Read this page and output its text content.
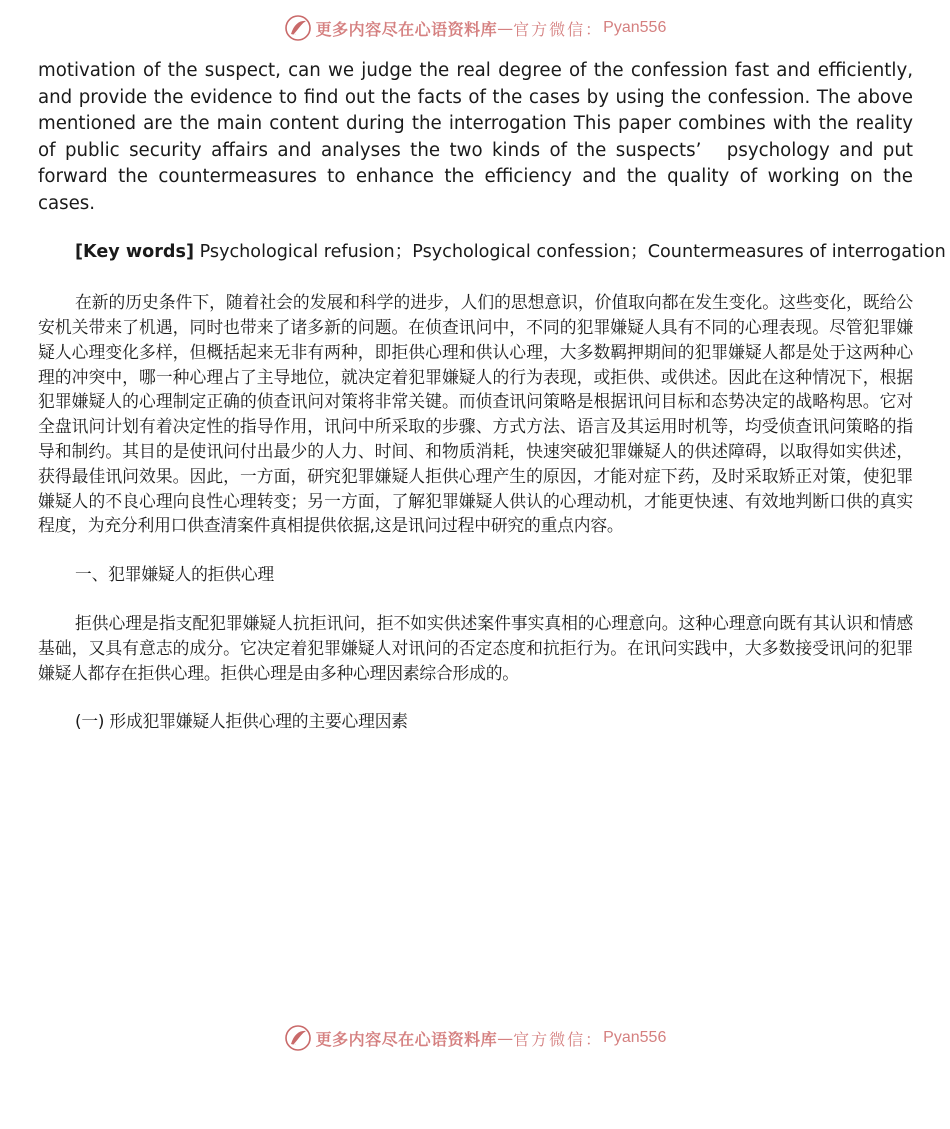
更多内容尽在心语资料库 — 官方微信： Pyan556

motivation of the suspect, can we judge the real degree of the confession fast and efficiently, and provide the evidence to find out the facts of the cases by using the confession. The above mentioned are the main content during the interrogation This paper combines with the reality of public security affairs and analyses the two kinds of the suspects’　psychology and put forward the countermeasures to enhance the efficiency and the quality of working on the cases.

[Key words] Psychological refusion；Psychological confession；Countermeasures of interrogation

在新的历史条件下，随着社会的发展和科学的进步，人们的思想意识，价值取向都在发生变化。这些变化，既给公安机关带来了机遇，同时也带来了诸多新的问题。在侦查讯问中，不同的犯罪嫌疑人具有不同的心理表现。尽管犯罪嫌疑人心理变化多样，但概括起来无非有两种，即拒供心理和供认心理，大多数羁押期间的犯罪嫌疑人都是处于这两种心理的冲突中，哪一种心理占了主导地位，就决定着犯罪嫌疑人的行为表现，或拒供、或供述。因此在这种情况下，根据犯罪嫌疑人的心理制定正确的侦查讯问对策将非常关键。而侦查讯问策略是根据讯问目标和态势决定的战略构思。它对全盘讯问计划有着决定性的指导作用，讯问中所采取的步骤、方式方法、语言及其运用时机等，均受侦查讯问策略的指导和制约。其目的是使讯问付出最少的人力、时间、和物质消耗，快速突破犯罪嫌疑人的供述障碍，以取得如实供述，获得最佳讯问效果。因此，一方面，研究犯罪嫌疑人拒供心理产生的原因，才能对症下药，及时采取矫正对策，使犯罪嫌疑人的不良心理向良性心理转变；另一方面，了解犯罪嫌疑人供认的心理动机，才能更快速、有效地判断口供的真实程度，为充分利用口供查清案件真相提供依据,这是讯问过程中研究的重点内容。

一、犯罪嫌疑人的拒供心理

拒供心理是指支配犯罪嫌疑人抗拒讯问，拒不如实供述案件事实真相的心理意向。这种心理意向既有其认识和情感基础，又具有意志的成分。它决定着犯罪嫌疑人对讯问的否定态度和抗拒行为。在讯问实践中，大多数接受讯问的犯罪嫌疑人都存在拒供心理。拒供心理是由多种心理因素综合形成的。

(一) 形成犯罪嫌疑人拒供心理的主要心理因素

更多内容尽在心语资料库 — 官方微信： Pyan556
